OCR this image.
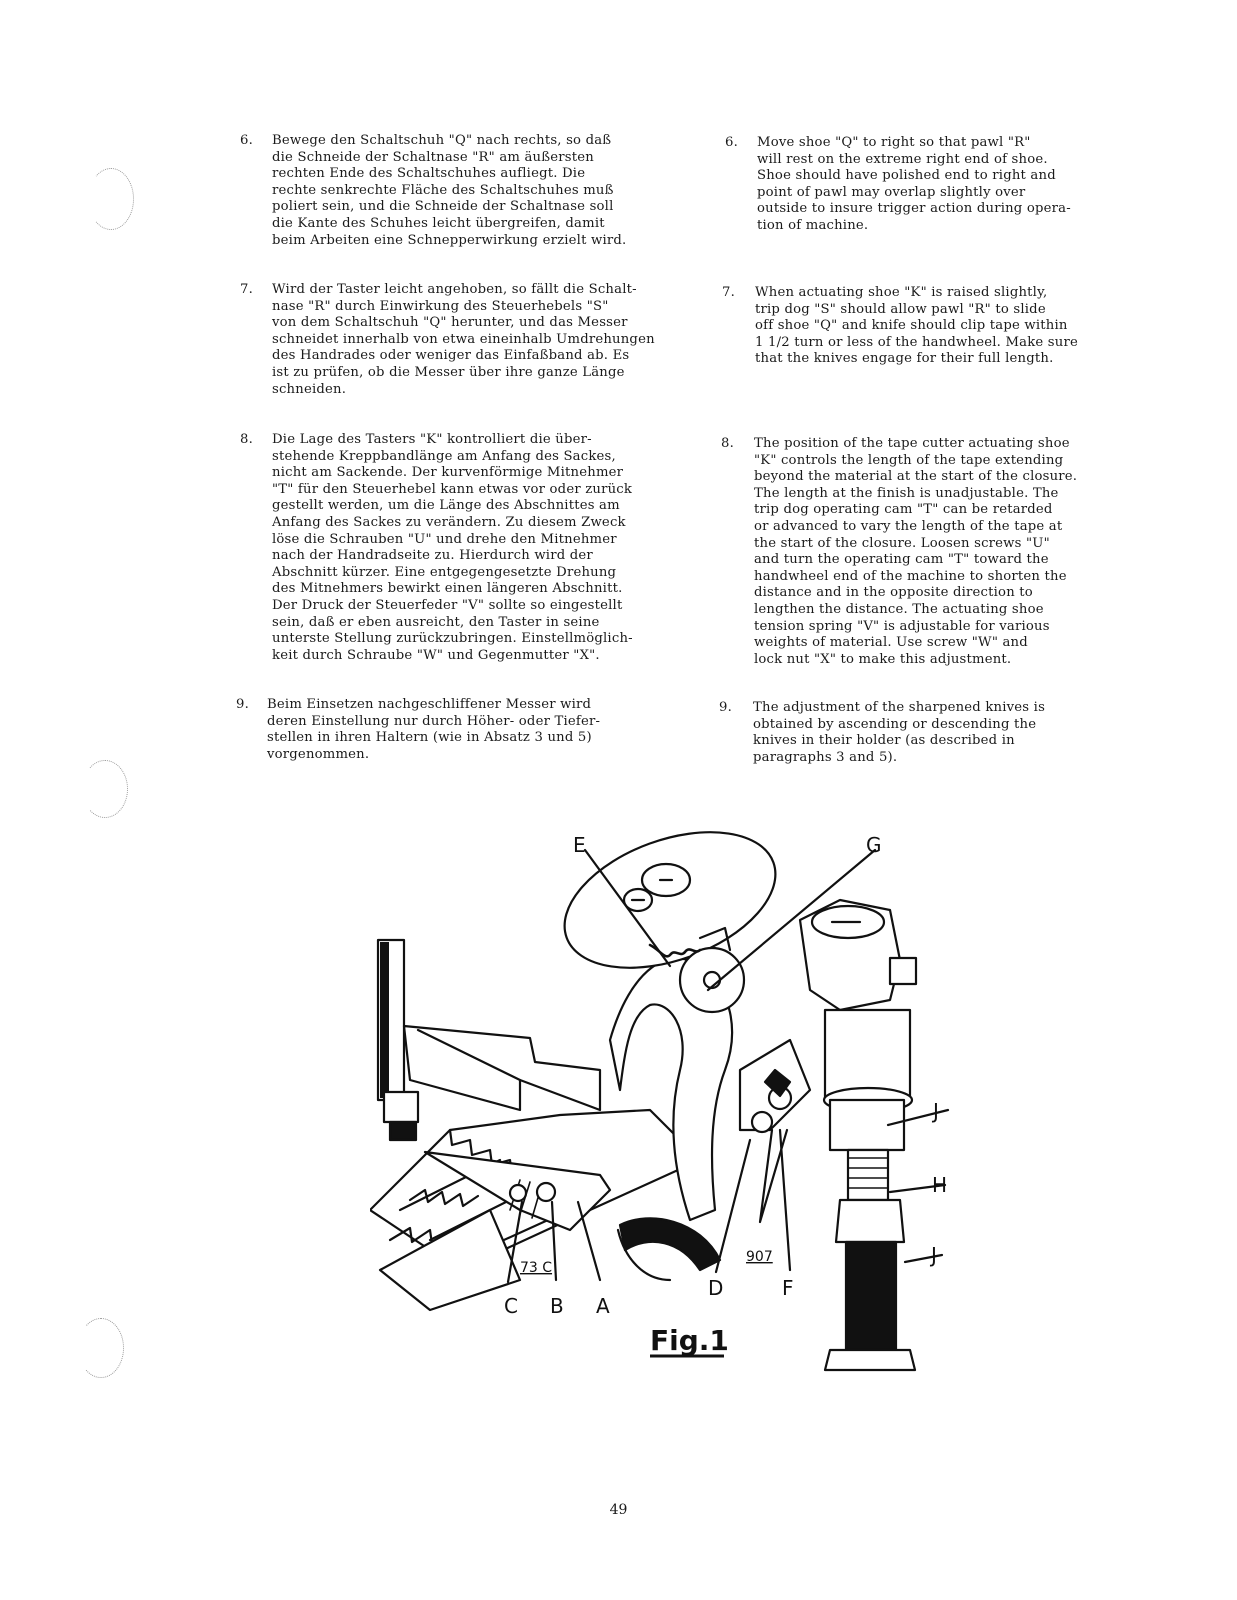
6. Bewege den Schaltschuh "Q" nach rechts, so daß
die Schneide der Schaltnase "R" am äußersten
rechten Ende des Schaltschuhes aufliegt. Die
rechte senkrechte Fläche des Schaltschuhes muß
poliert sein, und die Schneide der Schaltnase soll
die Kante des Schuhes leicht übergreifen, damit
beim Arbeiten eine Schnepperwirkung erzielt wird.
7. Wird der Taster leicht angehoben, so fällt die Schalt-
nase "R" durch Einwirkung des Steuerhebels "S"
von dem Schaltschuh "Q" herunter, und das Messer
schneidet innerhalb von etwa eineinhalb Umdrehungen
des Handrades oder weniger das Einfaßband ab. Es
ist zu prüfen, ob die Messer über ihre ganze Länge
schneiden.
8. Die Lage des Tasters "K" kontrolliert die über-
stehende Kreppbandlänge am Anfang des Sackes,
nicht am Sackende. Der kurvenförmige Mitnehmer
"T" für den Steuerhebel kann etwas vor oder zurück
gestellt werden, um die Länge des Abschnittes am
Anfang des Sackes zu verändern. Zu diesem Zweck
löse die Schrauben "U" und drehe den Mitnehmer
nach der Handradseite zu. Hierdurch wird der
Abschnitt kürzer. Eine entgegengesetzte Drehung
des Mitnehmers bewirkt einen längeren Abschnitt.
Der Druck der Steuerfeder "V" sollte so eingestellt
sein, daß er eben ausreicht, den Taster in seine
unterste Stellung zurückzubringen. Einstellmöglich-
keit durch Schraube "W" und Gegenmutter "X".
9. Beim Einsetzen nachgeschliffener Messer wird
deren Einstellung nur durch Höher- oder Tiefer-
stellen in ihren Haltern (wie in Absatz 3 und 5)
vorgenommen.
6. Move shoe "Q" to right so that pawl "R"
will rest on the extreme right end of shoe.
Shoe should have polished end to right and
point of pawl may overlap slightly over
outside to insure trigger action during opera-
tion of machine.
7. When actuating shoe "K" is raised slightly,
trip dog "S" should allow pawl "R" to slide
off shoe "Q" and knife should clip tape within
1 1/2 turn or less of the handwheel. Make sure
that the knives engage for their full length.
8. The position of the tape cutter actuating shoe
"K" controls the length of the tape extending
beyond the material at the start of the closure.
The length at the finish is unadjustable. The
trip dog operating cam "T" can be retarded
or advanced to vary the length of the tape at
the start of the closure. Loosen screws "U"
and turn the operating cam "T" toward the
handwheel end of the machine to shorten the
distance and in the opposite direction to
lengthen the distance. The actuating shoe
tension spring "V" is adjustable for various
weights of material. Use screw "W" and
lock nut "X" to make this adjustment.
9. The adjustment of the sharpened knives is
obtained by ascending or descending the
knives in their holder (as described in
paragraphs 3 and 5).
E	G
J
H
J
907
73 C
C B A
D	F
Fig.1
49
